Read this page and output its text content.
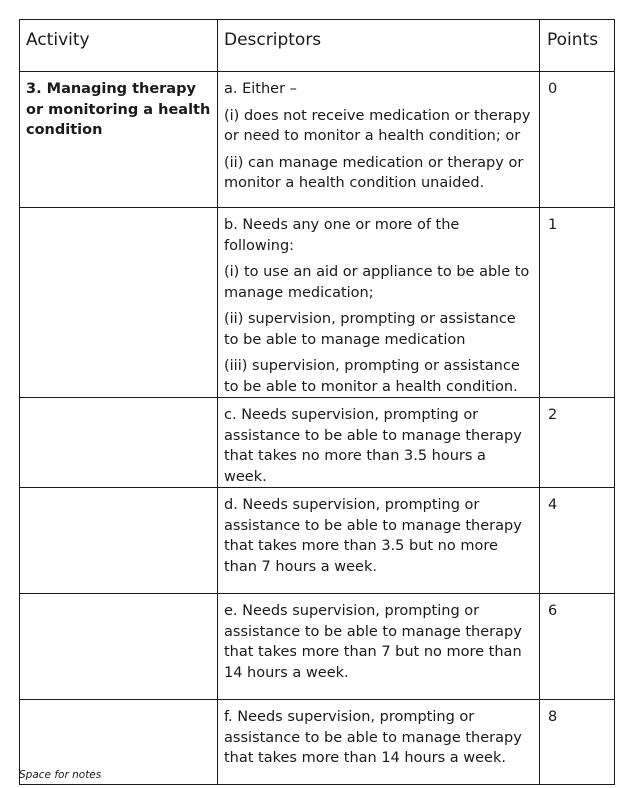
Activity	Descriptors	Points

3. Managing therapy or monitoring a health condition	a. Either –
(i) does not receive medication or therapy or need to monitor a health condition; or
(ii) can manage medication or therapy or monitor a health condition unaided.	0

	b. Needs any one or more of the following:
(i) to use an aid or appliance to be able to manage medication;
(ii) supervision, prompting or assistance to be able to manage medication
(iii) supervision, prompting or assistance to be able to monitor a health condition.	1

	c. Needs supervision, prompting or assistance to be able to manage therapy that takes no more than 3.5 hours a week.	2

	d. Needs supervision, prompting or assistance to be able to manage therapy that takes more than 3.5 but no more than 7 hours a week.	4

	e. Needs supervision, prompting or assistance to be able to manage therapy that takes more than 7 but no more than 14 hours a week.	6

	f. Needs supervision, prompting or assistance to be able to manage therapy that takes more than 14 hours a week.	8
Space for notes
